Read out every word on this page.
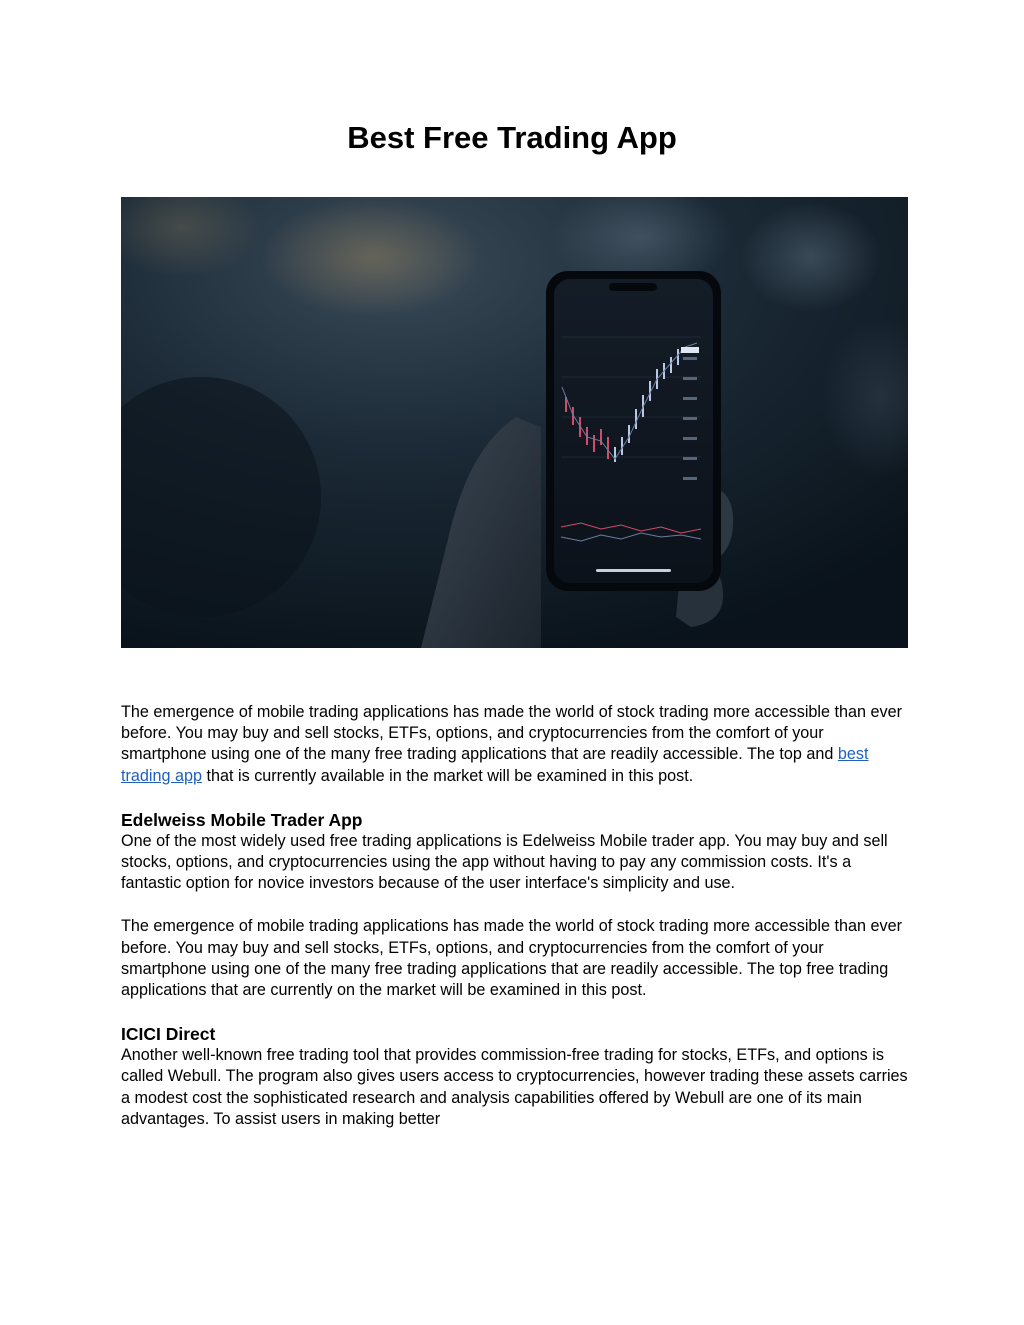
Best Free Trading App

The emergence of mobile trading applications has made the world of stock trading more accessible than ever before. You may buy and sell stocks, ETFs, options, and cryptocurrencies from the comfort of your smartphone using one of the many free trading applications that are readily accessible. The top and best trading app that is currently available in the market will be examined in this post.

Edelweiss Mobile Trader App

One of the most widely used free trading applications is Edelweiss Mobile trader app. You may buy and sell stocks, options, and cryptocurrencies using the app without having to pay any commission costs. It's a fantastic option for novice investors because of the user interface's simplicity and use.

The emergence of mobile trading applications has made the world of stock trading more accessible than ever before. You may buy and sell stocks, ETFs, options, and cryptocurrencies from the comfort of your smartphone using one of the many free trading applications that are readily accessible. The top free trading applications that are currently on the market will be examined in this post.

ICICI Direct

Another well-known free trading tool that provides commission-free trading for stocks, ETFs, and options is called Webull. The program also gives users access to cryptocurrencies, however trading these assets carries a modest cost the sophisticated research and analysis capabilities offered by Webull are one of its main advantages. To assist users in making better
